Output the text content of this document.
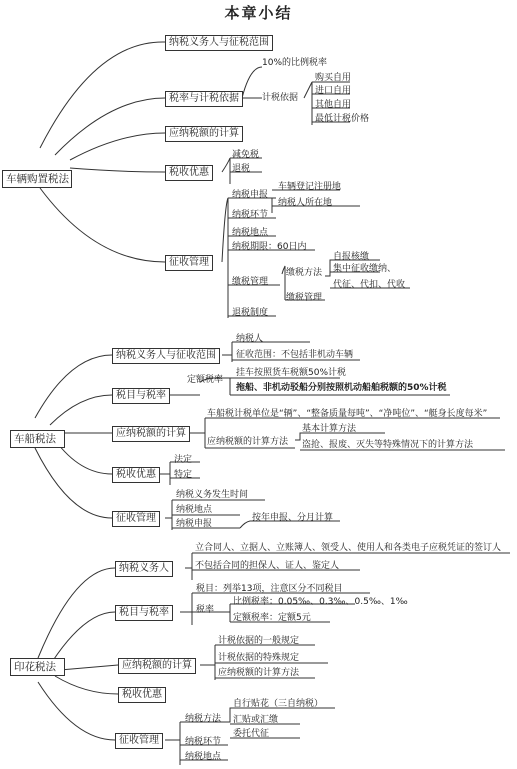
本章小结
车辆购置税法
纳税义务人与征税范围
税率与计税依据
10%的比例税率
计税依据
购买自用
进口自用
其他自用
最低计税价格
应纳税额的计算
税收优惠
减免税
退税
征收管理
纳税申报
车辆登记注册地
纳税人所在地
纳税环节
纳税地点
纳税期限：60日内
缴税管理
缴税方法
自报核缴
集中征收缴纳、
代征、代扣、代收
缴税管理
退税制度
车船税法
纳税义务人与征收范围
纳税人
征收范围：不包括非机动车辆
税目与税率
定额税率
挂车按照货车税额50%计税
拖船、非机动驳船分别按照机动船舶税额的50%计税
应纳税额的计算
车船税计税单位是“辆”、“整备质量每吨”、“净吨位”、“艇身长度每米”
应纳税额的计算方法
基本计算方法
盗抢、报废、灭失等特殊情况下的计算方法
税收优惠
法定
特定
征收管理
纳税义务发生时间
纳税地点
纳税申报
按年申报、分月计算
印花税法
纳税义务人
立合同人、立据人、立账簿人、领受人、使用人和各类电子应税凭证的签订人
不包括合同的担保人、证人、鉴定人
税目与税率
税目：列举13项，注意区分不同税目
税率
比例税率：0.05‰、0.3‰、0.5‰、1‰
定额税率：定额5元
应纳税额的计算
计税依据的一般规定
计税依据的特殊规定
应纳税额的计算方法
税收优惠
征收管理
纳税方法
自行贴花（三自纳税）
汇贴或汇缴
委托代征
纳税环节
纳税地点
